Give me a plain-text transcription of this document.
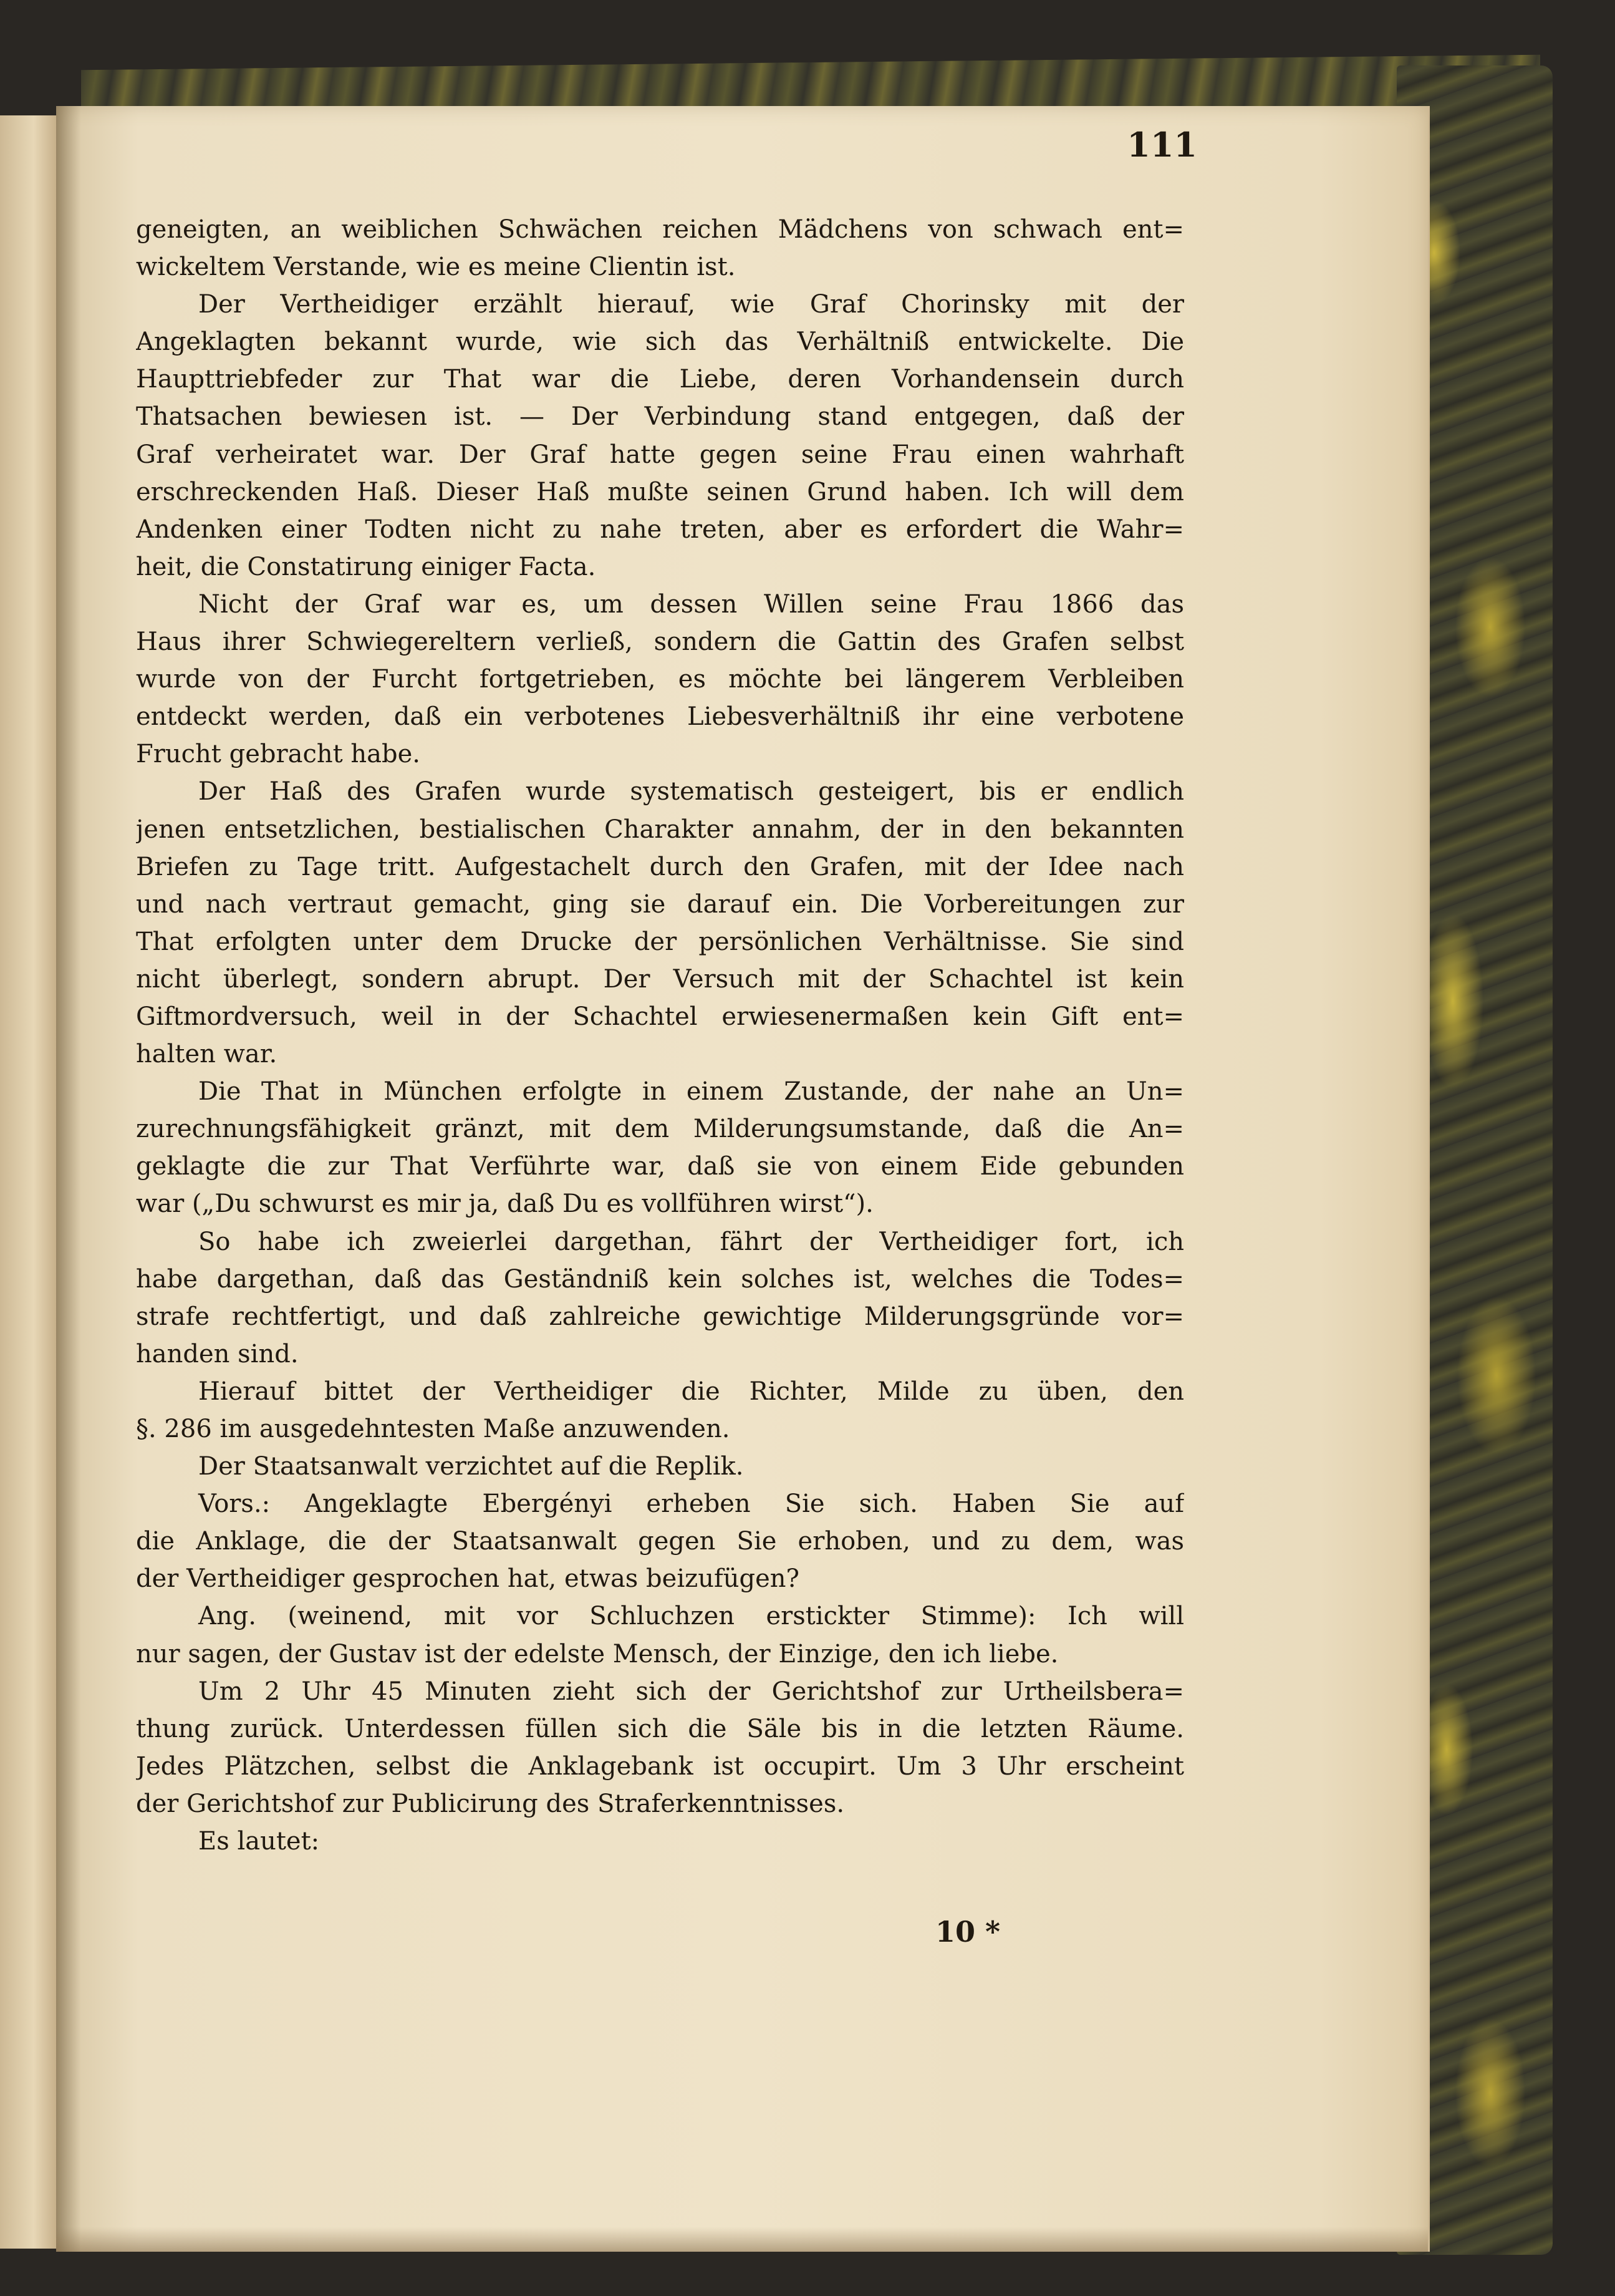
111
geneigten, an weiblichen Schwächen reichen Mädchens von schwach ent=
wickeltem Verstande, wie es meine Clientin ist.
Der Vertheidiger erzählt hierauf, wie Graf Chorinsky mit der
Angeklagten bekannt wurde, wie sich das Verhältniß entwickelte. Die
Haupttriebfeder zur That war die Liebe, deren Vorhandensein durch
Thatsachen bewiesen ist. — Der Verbindung stand entgegen, daß der
Graf verheiratet war. Der Graf hatte gegen seine Frau einen wahrhaft
erschreckenden Haß. Dieser Haß mußte seinen Grund haben. Ich will dem
Andenken einer Todten nicht zu nahe treten, aber es erfordert die Wahr=
heit, die Constatirung einiger Facta.
Nicht der Graf war es, um dessen Willen seine Frau 1866 das
Haus ihrer Schwiegereltern verließ, sondern die Gattin des Grafen selbst
wurde von der Furcht fortgetrieben, es möchte bei längerem Verbleiben
entdeckt werden, daß ein verbotenes Liebesverhältniß ihr eine verbotene
Frucht gebracht habe.
Der Haß des Grafen wurde systematisch gesteigert, bis er endlich
jenen entsetzlichen, bestialischen Charakter annahm, der in den bekannten
Briefen zu Tage tritt. Aufgestachelt durch den Grafen, mit der Idee nach
und nach vertraut gemacht, ging sie darauf ein. Die Vorbereitungen zur
That erfolgten unter dem Drucke der persönlichen Verhältnisse. Sie sind
nicht überlegt, sondern abrupt. Der Versuch mit der Schachtel ist kein
Giftmordversuch, weil in der Schachtel erwiesenermaßen kein Gift ent=
halten war.
Die That in München erfolgte in einem Zustande, der nahe an Un=
zurechnungsfähigkeit gränzt, mit dem Milderungsumstande, daß die An=
geklagte die zur That Verführte war, daß sie von einem Eide gebunden
war („Du schwurst es mir ja, daß Du es vollführen wirst“).
So habe ich zweierlei dargethan, fährt der Vertheidiger fort, ich
habe dargethan, daß das Geständniß kein solches ist, welches die Todes=
strafe rechtfertigt, und daß zahlreiche gewichtige Milderungsgründe vor=
handen sind.
Hierauf bittet der Vertheidiger die Richter, Milde zu üben, den
§. 286 im ausgedehntesten Maße anzuwenden.
Der Staatsanwalt verzichtet auf die Replik.
Vors.: Angeklagte Ebergényi erheben Sie sich. Haben Sie auf
die Anklage, die der Staatsanwalt gegen Sie erhoben, und zu dem, was
der Vertheidiger gesprochen hat, etwas beizufügen?
Ang. (weinend, mit vor Schluchzen erstickter Stimme): Ich will
nur sagen, der Gustav ist der edelste Mensch, der Einzige, den ich liebe.
Um 2 Uhr 45 Minuten zieht sich der Gerichtshof zur Urtheilsbera=
thung zurück. Unterdessen füllen sich die Säle bis in die letzten Räume.
Jedes Plätzchen, selbst die Anklagebank ist occupirt. Um 3 Uhr erscheint
der Gerichtshof zur Publicirung des Straferkenntnisses.
Es lautet:
10 *
